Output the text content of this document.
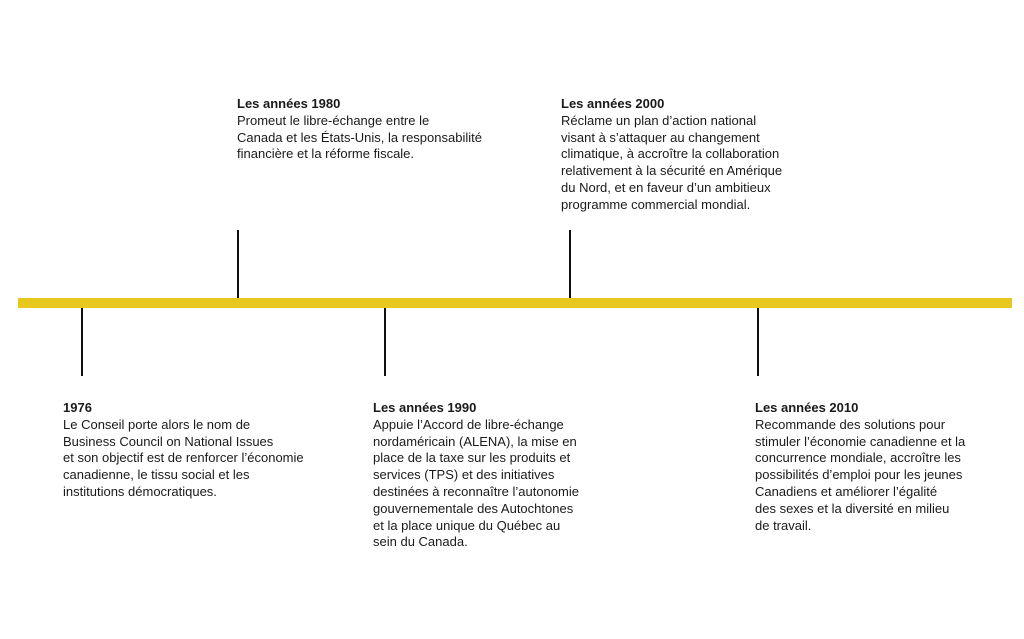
1976
Le Conseil porte alors le nom de
Business Council on National Issues
et son objectif est de renforcer l’économie
canadienne, le tissu social et les
institutions démocratiques.
Les années 1980
Promeut le libre-échange entre le
Canada et les États-Unis, la responsabilité
financière et la réforme fiscale.
Les années 1990
Appuie l’Accord de libre-échange
nordaméricain (ALENA), la mise en
place de la taxe sur les produits et
services (TPS) et des initiatives
destinées à reconnaître l’autonomie
gouvernementale des Autochtones
et la place unique du Québec au
sein du Canada.
Les années 2000
Réclame un plan d’action national
visant à s’attaquer au changement
climatique, à accroître la collaboration
relativement à la sécurité en Amérique
du Nord, et en faveur d’un ambitieux
programme commercial mondial.
Les années 2010
Recommande des solutions pour
stimuler l’économie canadienne et la
concurrence mondiale, accroître les
possibilités d’emploi pour les jeunes
Canadiens et améliorer l’égalité
des sexes et la diversité en milieu
de travail.
